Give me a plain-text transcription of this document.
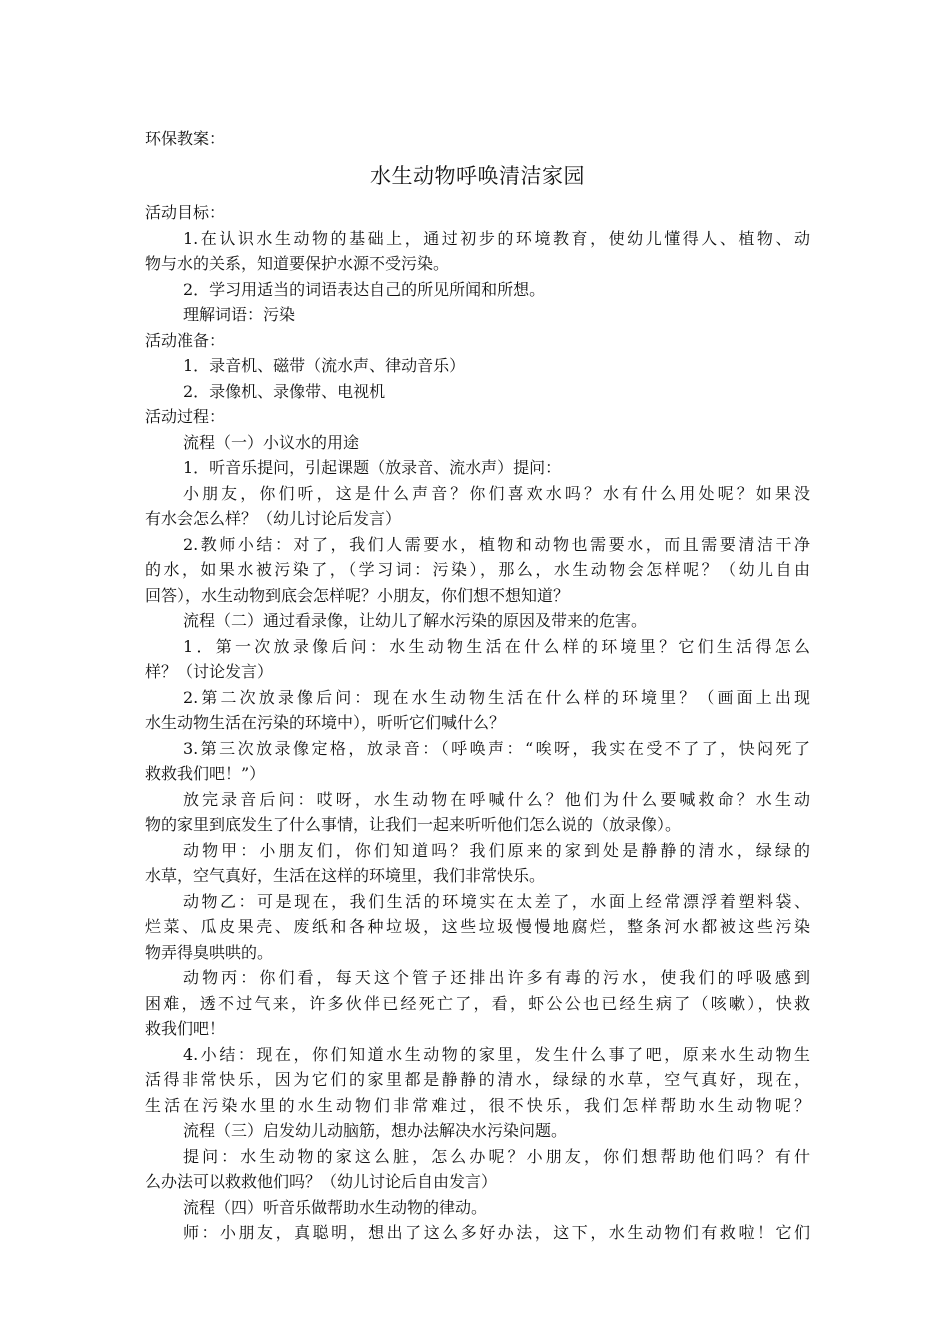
环保教案：
水生动物呼唤清洁家园
活动目标：
1.在认识水生动物的基础上，通过初步的环境教育，使幼儿懂得人、植物、动
物与水的关系，知道要保护水源不受污染。
2．学习用适当的词语表达自己的所见所闻和所想。
理解词语：污染
活动准备：
1．录音机、磁带（流水声、律动音乐）
2．录像机、录像带、电视机
活动过程：
流程（一）小议水的用途
1．听音乐提问，引起课题（放录音、流水声）提问：
小朋友，你们听，这是什么声音？你们喜欢水吗？水有什么用处呢？如果没
有水会怎么样？（幼儿讨论后发言）
2.教师小结：对了，我们人需要水，植物和动物也需要水，而且需要清洁干净
的水，如果水被污染了，（学习词：污染），那么，水生动物会怎样呢？（幼儿自由
回答），水生动物到底会怎样呢？小朋友，你们想不想知道？
流程（二）通过看录像，让幼儿了解水污染的原因及带来的危害。
1．第一次放录像后问：水生动物生活在什么样的环境里？它们生活得怎么
样？（讨论发言）
2.第二次放录像后问：现在水生动物生活在什么样的环境里？（画面上出现
水生动物生活在污染的环境中），听听它们喊什么？
3.第三次放录像定格，放录音：（呼唤声：“唉呀，我实在受不了了，快闷死了
救救我们吧！”）
放完录音后问：哎呀，水生动物在呼喊什么？他们为什么要喊救命？水生动
物的家里到底发生了什么事情，让我们一起来听听他们怎么说的（放录像）。
动物甲：小朋友们，你们知道吗？我们原来的家到处是静静的清水，绿绿的
水草，空气真好，生活在这样的环境里，我们非常快乐。
动物乙：可是现在，我们生活的环境实在太差了，水面上经常漂浮着塑料袋、
烂菜、瓜皮果壳、废纸和各种垃圾，这些垃圾慢慢地腐烂，整条河水都被这些污染
物弄得臭哄哄的。
动物丙：你们看，每天这个管子还排出许多有毒的污水，使我们的呼吸感到
困难，透不过气来，许多伙伴已经死亡了，看，虾公公也已经生病了（咳嗽），快救
救我们吧！
4.小结：现在，你们知道水生动物的家里，发生什么事了吧，原来水生动物生
活得非常快乐，因为它们的家里都是静静的清水，绿绿的水草，空气真好，现在，
生活在污染水里的水生动物们非常难过，很不快乐，我们怎样帮助水生动物呢？
流程（三）启发幼儿动脑筋，想办法解决水污染问题。
提问：水生动物的家这么脏，怎么办呢？小朋友，你们想帮助他们吗？有什
么办法可以救救他们吗？（幼儿讨论后自由发言）
流程（四）听音乐做帮助水生动物的律动。
师：小朋友，真聪明，想出了这么多好办法，这下，水生动物们有救啦！它们
